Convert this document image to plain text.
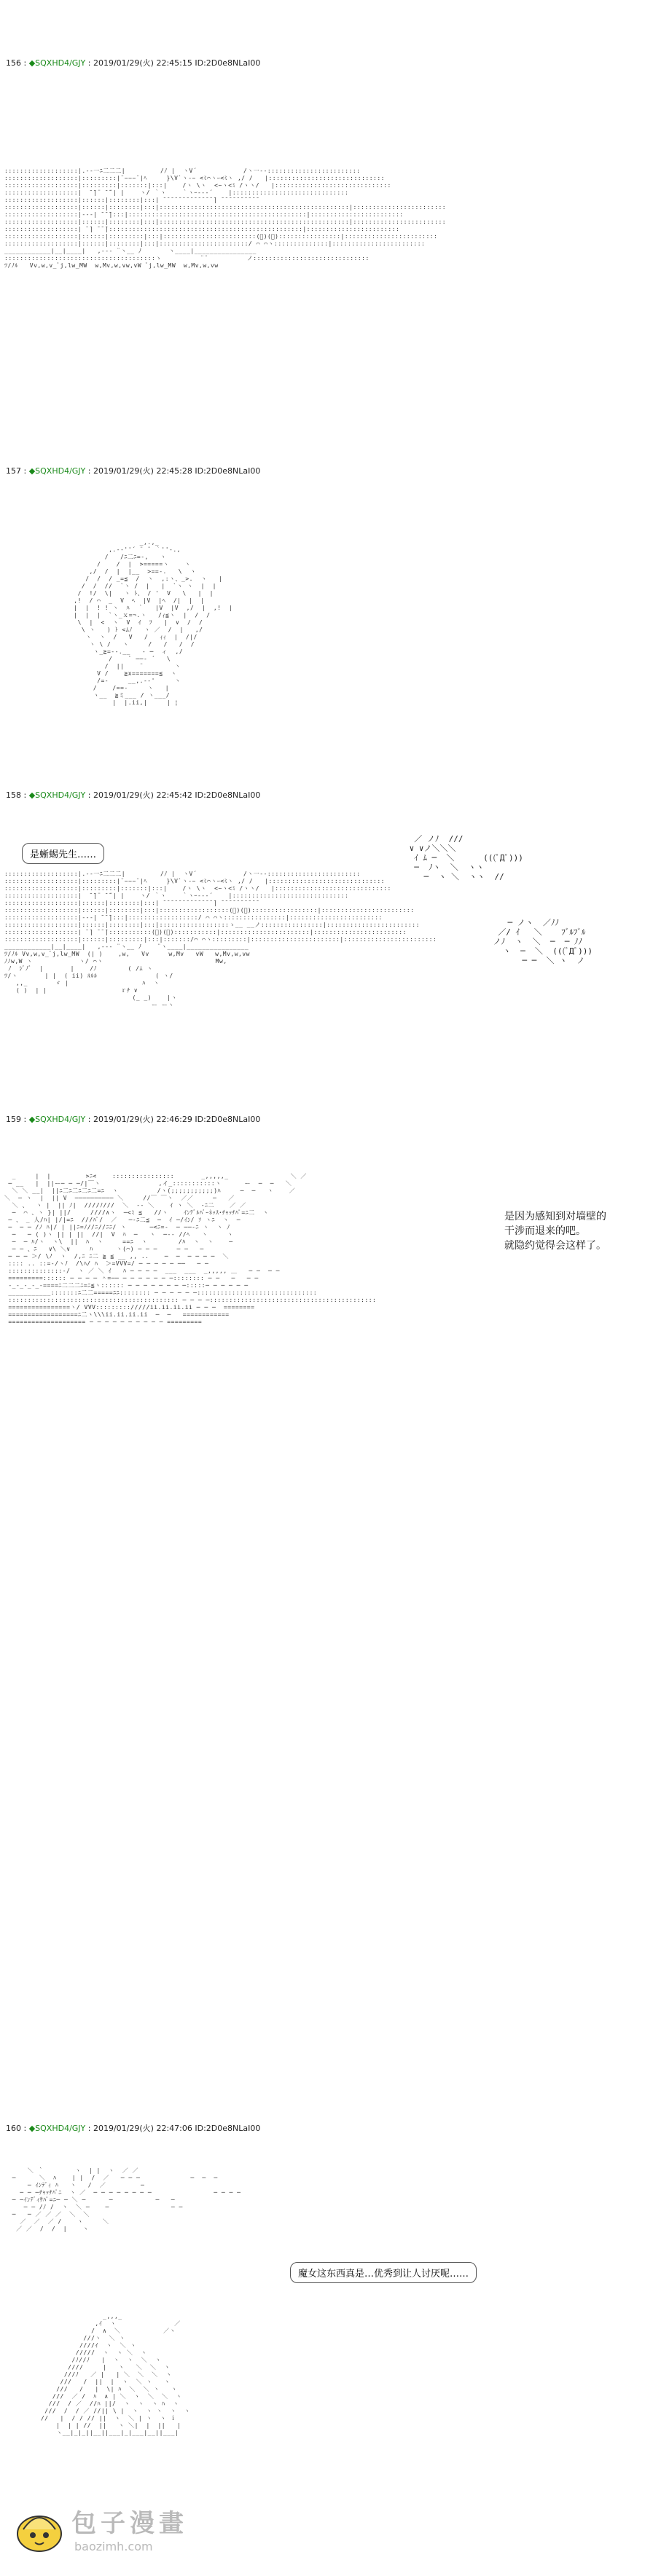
156 : ◆SQXHD4/GJY : 2019/01/29(火) 22:45:15 ID:2D0e8NLaI00
:::::::::::::::::::|.-‐一ﾆ二二二|         /ﾉ |  ヽV´            /ヽ一‐-::::::::::::::::::::::::
:::::::::::::::::::|:::::::::|¨~~~¨|ﾍ     }\V`ヽ-~ <ﾐ⌒ヽｰ<ﾐヽ ,/ /   |::::::::::::::::::::::::::::::
:::::::::::::::::::|:::::::::|:::::::|:::|    /ヽ \ヽ  <~ヽ<ﾐ /ヽヽ/   |::::::::::::::::::::::::::::::
:::::::::::::::::::|  ̄ ̄|¨ ̄ ̄¨| |    ヽ/ ｀ヽ    ｀ヽｰ--‐´    |::::::::::::::::::::::::::::::
:::::::::::::::::::|::::::|::::::::|:::| ̄ ̄ ̄ ̄ ̄ ̄ ̄ ̄ ̄ ̄ ̄ ̄ ̄ ̄| ̄ ̄ ̄ ̄ ̄ ̄ ̄ ̄ ̄ ̄
:::::::::::::::::::|::::::|::::::::|:::|:::::::::::::::::::::::::::::::::::::::::::::::::|::::::::::::::::::::::::
:::::::::::::::::::|--‐| ̄ ̄ ̄|:::|::::::::::::::::::::::::::::::::::::::::::::::|::::::::::::::::::::::::
:::::::::::::::::::|::::::|::::::::|:::|:::::::::::::::::::::::::::::::::::::::::::::::::|::::::::::::::::::::::::
:::::::::::::::::::| ̄ ̄| ̄ ̄ ̄|::::::::::::::::::::::::::::::::::::::::::::::::::|::::::::::::::::::::::::
:::::::::::::::::::|::::::|:::::::::|:::|::::::::::::::::::::::::(ﾟ)(ﾟ)::::::::::::::::|::::::::::::::::::::::::
:::::::::::::::::::|::::::|::::::::|:::|:::::::::::::::::::::::/ ⌒ ⌒ヽ::::::::::::::|::::::::::::::::::::::::
____________|__|____|   ,--‐ ¨ヽ__ ﾉ       ヽ____|________________
:::::::::::::::::::::::::::::::::::::::ゝ          ¨¨          ノ::::::::::::::::::::::::::::::
ﾂ/ﾉﾙ   Vv,w,v_ﾞj,lw_MW  w,Mv,w,vw,vW ﾞj,lw_MW  w,Mv,w,vw
157 : ◆SQXHD4/GJY : 2019/01/29(火) 22:45:28 ID:2D0e8NLaI00
_,.,_
,.-‐''´ ¨ ¨ ｀''‐.,
/   /ﾆ二ﾆ=-,   ヽ
/    /  |  >=====ヽ    ヽ
,/  /  |  |__  >==-.   \  ヽ
/  /  / _=≦  /  ヽ  ,:ヽ、_>.  ヽ   |
/  /  //  `ヽ /  |   |  `ヽ ヽ  |  |
/  !/  \|   ヽ ﾄ、 / '  V   \   |  |
,!  / ⌒  _  V  ﾍ  |V  |ﾍ  /|  |  |
|  |  ! ! ヽ  ﾊ  ｀   |V  |V  ,/  |  ,!  |
|  |  |  `ヽ_ｘ=¬.ヽ   /ｨ≦ヽ  |  /  /
\  |  <  ヽ  V  ｲ  ﾌ   |  ∨  /  /
\ ヽ   ) ﾄ <ﾑﾉ   ヽ ／  /  |   ,/
ヽ  ヽ  /   V   /   ｨｨ  |  /|/
ヽ \ /   ヽ     /   /   /  /
ヽ_≧=--.__   ‐ ─  ィ  ,/
/    ` ──‐ ´   \
/  ||    ¨        ヽ
V /    ≧x=======≦  ヽ
/=-     __,.-‐'     ヽ
/    /==‐     ヽ   |
ヽ__  ≧ミ___ / ヽ___/
|  |.ii,|     | ¦
158 : ◆SQXHD4/GJY : 2019/01/29(火) 22:45:42 ID:2D0e8NLaI00
是蜥蜴先生……
:::::::::::::::::::|.-‐一ﾆ二二二|         /ﾉ |  ヽV´            /ヽ一‐-::::::::::::::::::::::::
:::::::::::::::::::|:::::::::|¨~~~¨|ﾍ     }\V`ヽ-~ <ﾐ⌒ヽｰ<ﾐヽ ,/ /   |::::::::::::::::::::::::::::::
:::::::::::::::::::|:::::::::|:::::::|:::|    /ヽ \ヽ  <~ヽ<ﾐ /ヽヽ/   |::::::::::::::::::::::::::::::
:::::::::::::::::::|  ̄ ̄|¨ ̄ ̄¨| |    ヽ/ ｀ヽ    ｀ヽｰ--‐´    |::::::::::::::::::::::::::::::
:::::::::::::::::::|::::::|::::::::|:::| ̄ ̄ ̄ ̄ ̄ ̄ ̄ ̄ ̄ ̄ ̄ ̄ ̄ ̄| ̄ ̄ ̄ ̄ ̄ ̄ ̄ ̄ ̄ ̄
:::::::::::::::::::|::::::|::::::::|:::|::::::::::::::::::(ﾟ)(ﾟ):::::::::::::::::|::::::::::::::::::::::::
:::::::::::::::::::|--‐| ̄ ̄ ̄|:::|::::::::::::::::::/ ⌒ ⌒ヽ::::::::::::::::|::::::::::::::::::::::::
:::::::::::::::::::|::::::|::::::::|:::|::::::::::::::::::ゝ__ __ノ::::::::::::::::|::::::::::::::::::::::::
:::::::::::::::::::| ̄ ̄| ̄ ̄ ̄|:::::::::::(ﾟ)(ﾟ):::::::::::|:::::::::::::::::::::::|::::::::::::::::::::::::
:::::::::::::::::::|::::::|:::::::::|:::|:::::::/⌒ ⌒ヽ:::::::::|:::::::::::::::::::::::|::::::::::::::::::::::::
____________|__|____|   ,--‐ ¨ヽ__ ﾉ    ¨ヽ____|________________
ﾂ/ﾉﾙ Vv,w,v_ﾞj,lw_MW  (| )    ,w,   Vv     w,Mv   vW   w,Mv,w,vw
ﾉﾉw,W ヽ            ヽ/ ⌒ヽ                             Mw,
ﾉ  ｼﾞﾉﾞ  |       |    /ﾉ        ( /ﾑ ヽ
ﾂ/ヽ       | |  ( ii) ﾙﾙﾙ               ( ヽ/
,,_       ゞ |                   ﾊ  ヽ
( )  | |                   ｒﾁ ∨
(_ _)    |ヽ
ー ーヽ
／ ノﾉ  ///
∨ ∨ノ＼＼＼
ｲ ﾑ ─  ＼	(((ﾟДﾟ)))
─  ﾉヽ  ＼  ヽヽ
─  ヽ ＼  ヽヽ  //
─ ノヽ  ／ﾉﾉ
／/ ｲ   ＼    ﾌﾞﾙﾌﾞﾙ
ノﾉ  ヽ  ＼  ─  ─ ﾉﾉ
ヽ  ─  ＼  (((ﾟДﾟ)))
─ ─  ＼ ヽ  ノ
159 : ◆SQXHD4/GJY : 2019/01/29(火) 22:46:29 ID:2D0e8NLaI00
_     |  |         >ﾆ<    ::::::::::::::::       _,,,,,_                ＼ ／
─ __   |  ||ー─ ─ ─/|￣ヽ               ,イ_:::::::::::ヽ      ー  ─  ─   ＼
＼ ＼ __|  ||ﾆ二ﾆ二ﾆ二ﾆ二=ﾆ  ヽ          /ヽ(;;;;;;;;;;;)ﾊ     ─  ─   ヽ    ／
＼  ─ ヽ  |  || V  ────────── ＼     //￣ ￣ヽ  ／／     ─   ／
＼ 、  ヽ |  || ﾉ|  ////ﾉ///  ＼  -- ＼    ｲ ヽ ＼  -ﾆ二    ／ ／
─  ⌒ 、ヽ }| ||/     ////∧ヽ  ─<ﾐ ≦   //ヽ    ｲﾝﾃﾞﾙﾊﾞｰﾈｯｽ･ﾁｬｯﾁﾊﾟ=ﾆ二  ヽ
─ 、 _ 人/ﾊ| |/|=ﾆ  ///ﾊﾟ/  ／   ─-ﾆ二≦  ─  ｲ ─/ｲﾝ/ ｿ ヽﾆ  ヽ  ─
─  ─ ─ /ﾉ ﾊ|/ | ||ﾆ=ﾉ//ﾆ//ﾆﾆ/ ヽ      ─<ﾆ=-  ─ ──-ﾆ ヽ  ヽ ﾉ
─   ─ ( )ヽ || | ||  //|  V  ﾊ  ─   ヽ  ─-- //ﾍ   ヽ     ヽ
─  ─ ﾊ/ヽ  ヽ\  ||  ﾊ  ヽ     ==ﾆ  ヽ        /ﾊ  ヽ  ヽ    ─
─ ─ 、ﾆ   ∨\ ＼∨     ﾊ      ヽ(⌒) ─ ─ ─     ─ ─   ─
─ ─ ─ ＞/ \ﾉ  ヽ  /,ﾆ ﾆ二 ≧ ≦ __ ,, ..    ─  ─  ─ ─ ─ ─  ＼
:::: .. ::=-/ヽﾉ  /\ﾊ/ ﾊ  ＞=VVV=/ ─ ─ ─ ─ ─ ──   ─ ─
::::::::::::::-/  ヽ ／ ＼ ｲ   ﾊ ─ ─ ─ ─  ___  ___  _,,,,, ＿   ─ ─  ─ ─
=========:::::: ─ ─ ─ ─ ＾=── ─ ─ ─ ─ ─ ─ ─:::::::: ─ ─   ─   ─ ─
-_-_-_-_-====ﾆ二二二ﾆ=ﾆ≦ヽ:::::: ─ ─ ─ ─ ─ ─ ─ ─:::::─ ─ ─ ─ ─ ─
___________:::::::ﾆ二二=====ﾆﾆ:::::::: ─ ─ ─ ─ ─ ─:::::::::::::::::::::::::::::::
:::::::::::::::::::::::::::::::::::::::::::: ─ ─ ─ ─:::::::::::::::::::::::::::::::::::::::::::
================ヽ/ VVV::::::::://///ii.ii.ii.ii ─ ─ ─  ========
==================ﾆ二ヽ\\\ii.ii.ii.ii  ─  ─   ============
==================== ─ ─ ─ ─ ─ ─ ─ ─ ─ ─ =========
是因为感知到对墙壁的
干涉而退来的吧。
就隐约觉得会这样了。
160 : ◆SQXHD4/GJY : 2019/01/29(火) 22:47:06 ID:2D0e8NLaI00
＼ ｀        ヽ  | |  ヽ  ／ ／
─      ＼  ﾊ    | |  /  ／   ─ ─ ─             ─  ─  ─
─ ｲﾝﾃﾞｨ ﾊ   ヽ   /  ／         ─
─ ─ ─ﾁｬｯﾁﾊﾟﾆ  ヽ ／  ─ ─ ─ ─ ─ ─ ─ ─                ─ ─ ─ ─
─ ─ｲﾝﾃﾞｨｻﾊﾟ=ﾆ─ ─ ＼ ─      ─           ─   ─
─ ─ /ﾉ /  ヽ  ＼ ─    ─                ─ ─
─   ─ ／ ／ ／  ＼  ＼
／  ／  ／ /    ヽ     ＼
／ ／  /  /  |    ヽ
魔女这东西真是…优秀到让人讨厌呢……
_,,,_
,ｲ  ヽ               ／
/  ∧  ＼           ／ヽ
///ヽ  ＼ ヽ
////ｲ  ヽ  ＼ ヽ
/////  ヽ  ヽ ＼  ヽ
/ﾉ//ﾉ   |  ヽ  ヽ  ＼  ヽ
////     |   ヽ   ＼  ＼  ヽ
///ﾉ   ／ |   | ＼  ＼  ＼  ヽ
///   /  ||  |  ヽ  ＼ ヽ   ヽ
///   /   |  \| ﾊ  ＼  ＼ ヽ   ヽ
///  ／ /  ﾊ  ∧ | ＼  ヽ  ＼  ＼  ヽ
///  / ／  //ﾊ ||/  ヽ  ヽ  ヽ ﾊ  ヽ
///  /  / ／ //|| \ |  ヽ  ヽ ヽ  ヽ  ヽ
//   |  / / // ||  ヽ  ＼ | ヽ  ヽ ｉ
|  | | //  ||   ヽ ＼|  |  ||   |
ヽ__|_|_||__||___|_|___|__||___|
包子漫畫
baozimh.com
